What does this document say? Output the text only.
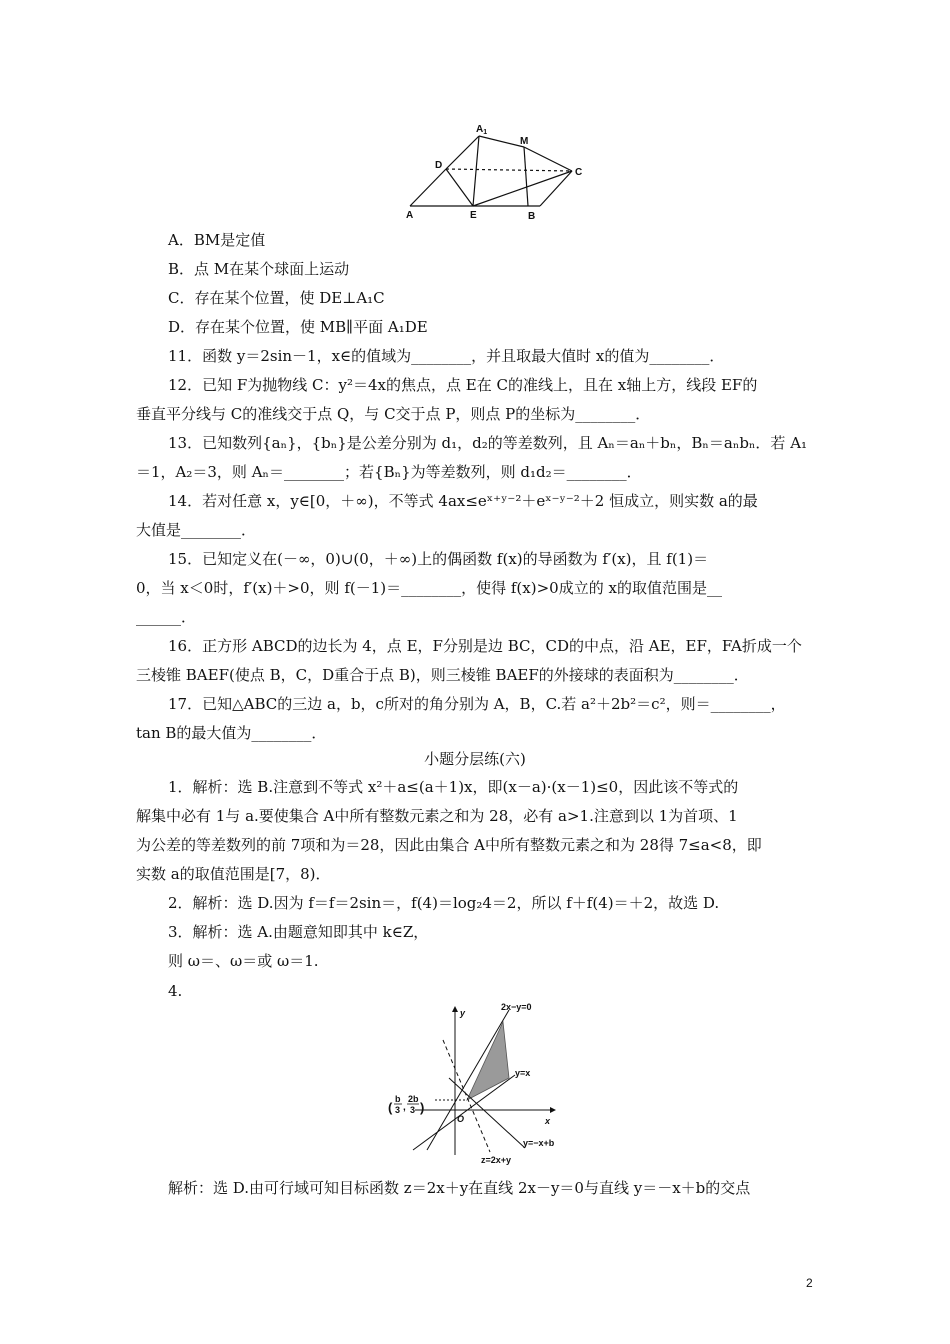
$A_1$
M
D
C
A	E	B
A．BM是定值
B．点 M在某个球面上运动
C．存在某个位置，使 DE⊥A₁C
D．存在某个位置，使 MB∥平面 A₁DE
11．函数 y＝2sin－1，x∈的值域为________，并且取最大值时 x的值为________．
12．已知 F为抛物线 C：y²＝4x的焦点，点 E在 C的准线上，且在 x轴上方，线段 EF的
垂直平分线与 C的准线交于点 Q，与 C交于点 P，则点 P的坐标为________．
13．已知数列{aₙ}，{bₙ}是公差分别为 d₁，d₂的等差数列，且 Aₙ＝aₙ＋bₙ，Bₙ＝aₙbₙ．若 A₁
＝1，A₂＝3，则 Aₙ＝________；若{Bₙ}为等差数列，则 d₁d₂＝________．
14．若对任意 x，y∈[0，＋∞)，不等式 4ax≤eˣ⁺ʸ⁻²＋eˣ⁻ʸ⁻²＋2 恒成立，则实数 a的最
大值是________．
15．已知定义在(－∞，0)∪(0，＋∞)上的偶函数 f(x)的导函数为 f′(x)，且 f(1)＝
0，当 x＜0时，f′(x)＋>0，则 f(－1)＝________，使得 f(x)>0成立的 x的取值范围是__
______．
16．正方形 ABCD的边长为 4，点 E，F分别是边 BC，CD的中点，沿 AE，EF，FA折成一个
三棱锥 BAEF(使点 B，C，D重合于点 B)，则三棱锥 BAEF的外接球的表面积为________．
17．已知△ABC的三边 a，b，c所对的角分别为 A，B，C.若 a²＋2b²＝c²，则＝________，
tan B的最大值为________．
小题分层练(六)
1．解析：选 B.注意到不等式 x²＋a≤(a＋1)x，即(x－a)·(x－1)≤0，因此该不等式的
解集中必有 1与 a.要使集合 A中所有整数元素之和为 28，必有 a>1.注意到以 1为首项、1
为公差的等差数列的前 7项和为＝28，因此由集合 A中所有整数元素之和为 28得 7≤a<8，即
实数 a的取值范围是[7，8)．
2．解析：选 D.因为 f＝f＝2sin＝，f(4)＝log₂4＝2，所以 f＋f(4)＝＋2，故选 D.
3．解析：选 A.由题意知即其中 k∈Z，
则 ω＝、ω＝或 ω＝1.
4.
2x−y=0
y=x
y=−x+b
z=2x+y
y
x
O
(
b
3 ,
2b
3 )
解析：选 D.由可行域可知目标函数 z＝2x＋y在直线 2x－y＝0与直线 y＝－x＋b的交点
2
